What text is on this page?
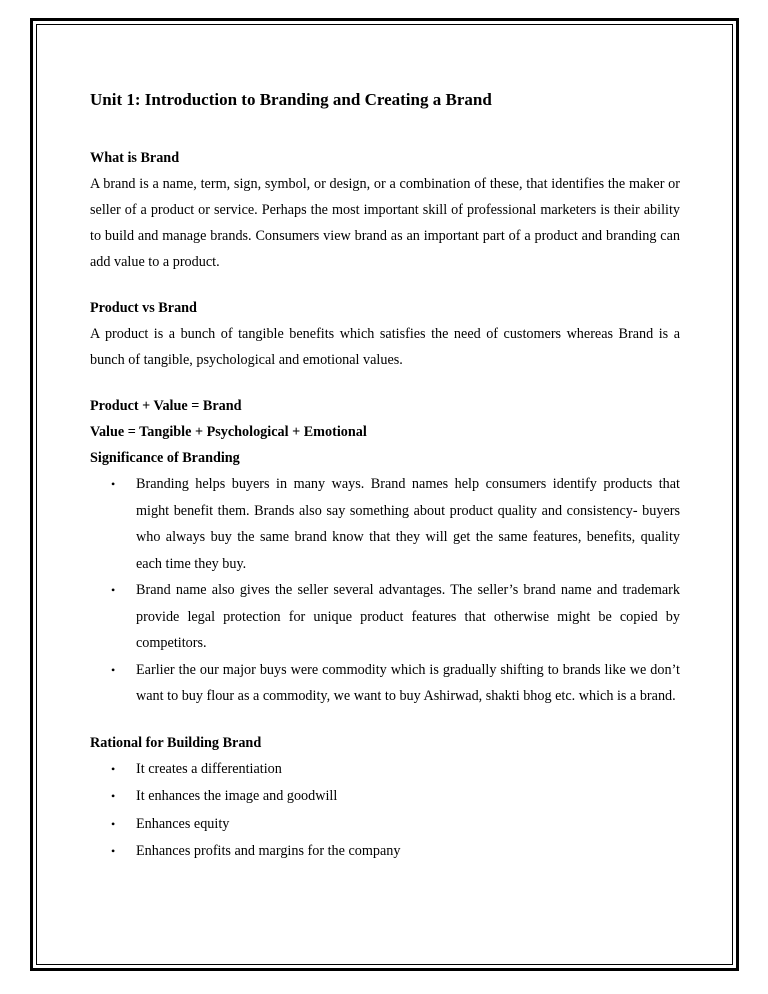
Unit 1: Introduction to Branding and Creating a Brand

What is Brand

A brand is a name, term, sign, symbol, or design, or a combination of these, that identifies the maker or seller of a product or service. Perhaps the most important skill of professional marketers is their ability to build and manage brands. Consumers view brand as an important part of a product and branding can add value to a product.

Product vs Brand

A product is a bunch of tangible benefits which satisfies the need of customers whereas Brand is a bunch of tangible, psychological and emotional values.

Product + Value = Brand

Value = Tangible + Psychological + Emotional

Significance of Branding

• Branding helps buyers in many ways. Brand names help consumers identify products that might benefit them. Brands also say something about product quality and consistency- buyers who always buy the same brand know that they will get the same features, benefits, quality each time they buy.
• Brand name also gives the seller several advantages. The seller’s brand name and trademark provide legal protection for unique product features that otherwise might be copied by competitors.
• Earlier the our major buys were commodity which is gradually shifting to brands like we don’t want to buy flour as a commodity, we want to buy Ashirwad, shakti bhog etc. which is a brand.

Rational for Building Brand

• It creates a differentiation
• It enhances the image and goodwill
• Enhances equity
• Enhances profits and margins for the company
